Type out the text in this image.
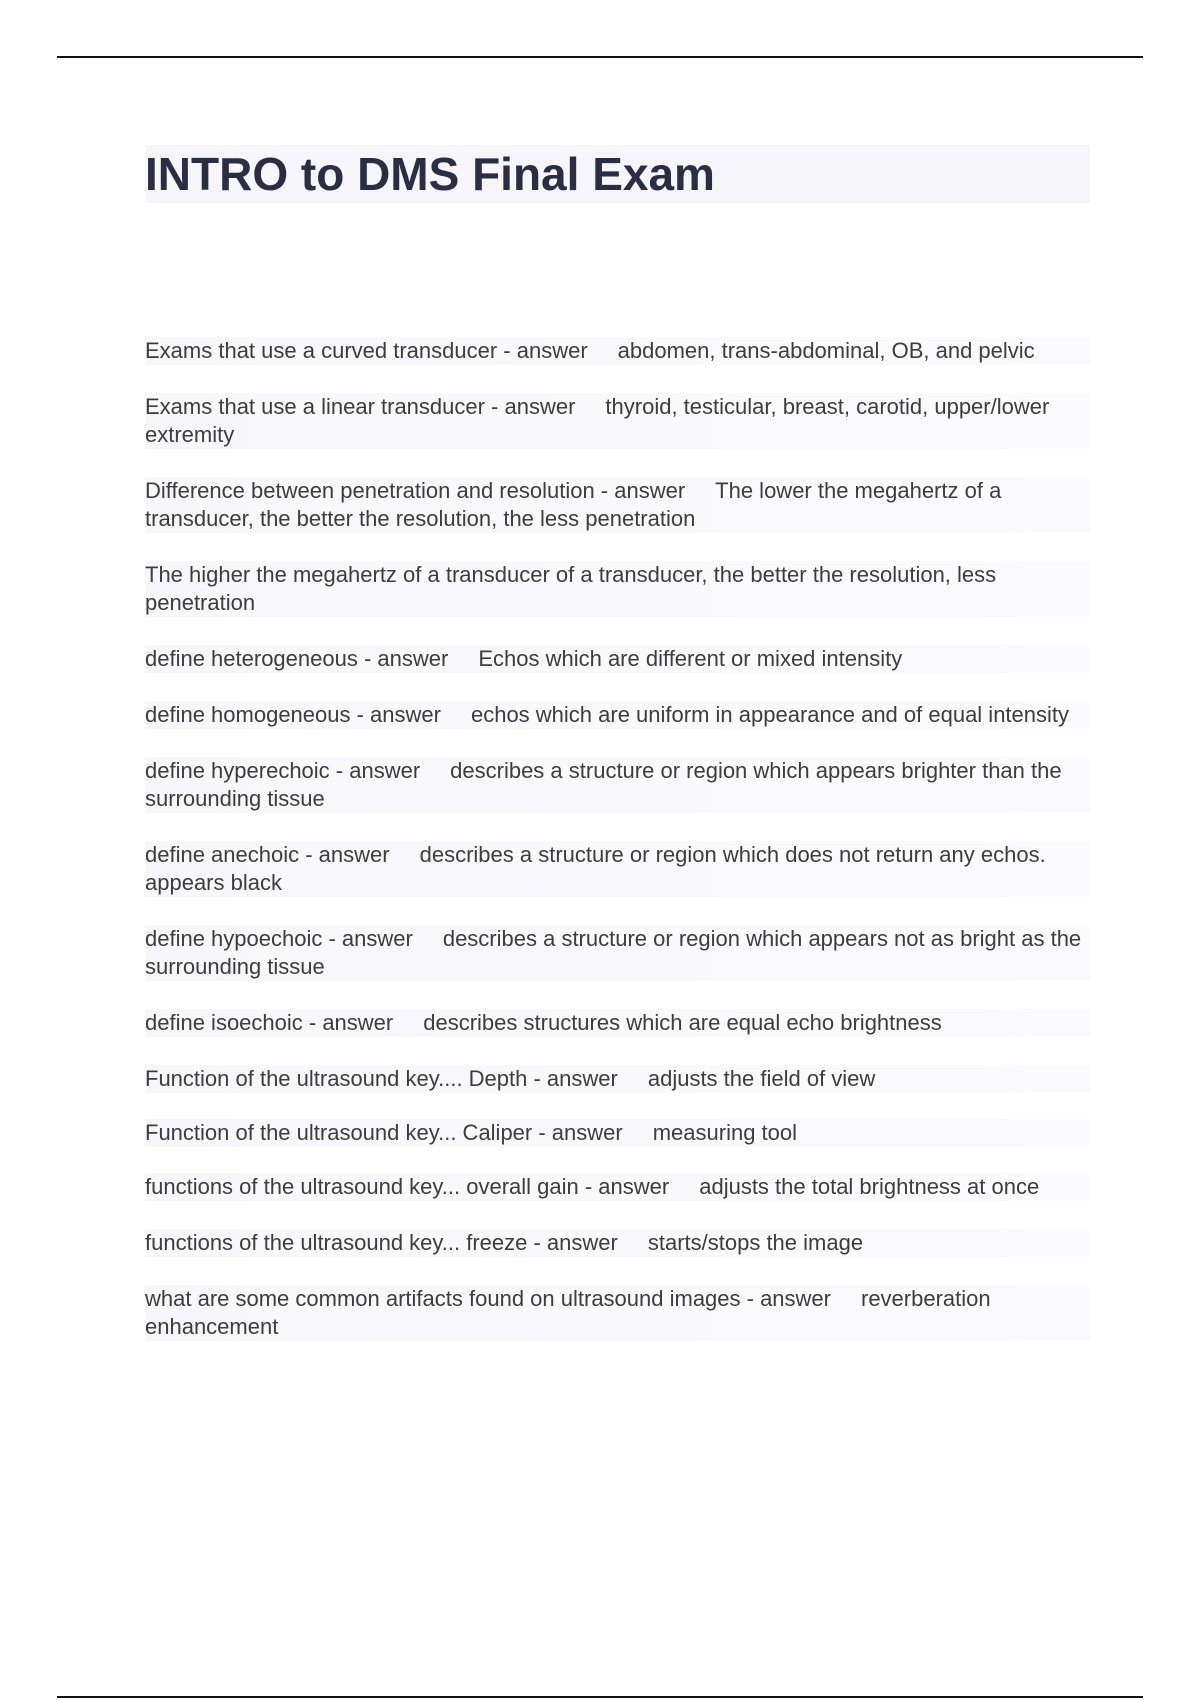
INTRO to DMS Final Exam
Exams that use a curved transducer - answer abdomen, trans-abdominal, OB, and pelvic
Exams that use a linear transducer - answer thyroid, testicular, breast, carotid, upper/lower extremity
Difference between penetration and resolution - answer The lower the megahertz of a transducer, the better the resolution, the less penetration
The higher the megahertz of a transducer of a transducer, the better the resolution, less penetration
define heterogeneous - answer Echos which are different or mixed intensity
define homogeneous - answer echos which are uniform in appearance and of equal intensity
define hyperechoic - answer describes a structure or region which appears brighter than the surrounding tissue
define anechoic - answer describes a structure or region which does not return any echos. appears black
define hypoechoic - answer describes a structure or region which appears not as bright as the surrounding tissue
define isoechoic - answer describes structures which are equal echo brightness
Function of the ultrasound key.... Depth - answer adjusts the field of view
Function of the ultrasound key... Caliper - answer measuring tool
functions of the ultrasound key... overall gain - answer adjusts the total brightness at once
functions of the ultrasound key... freeze - answer starts/stops the image
what are some common artifacts found on ultrasound images - answer reverberation enhancement
